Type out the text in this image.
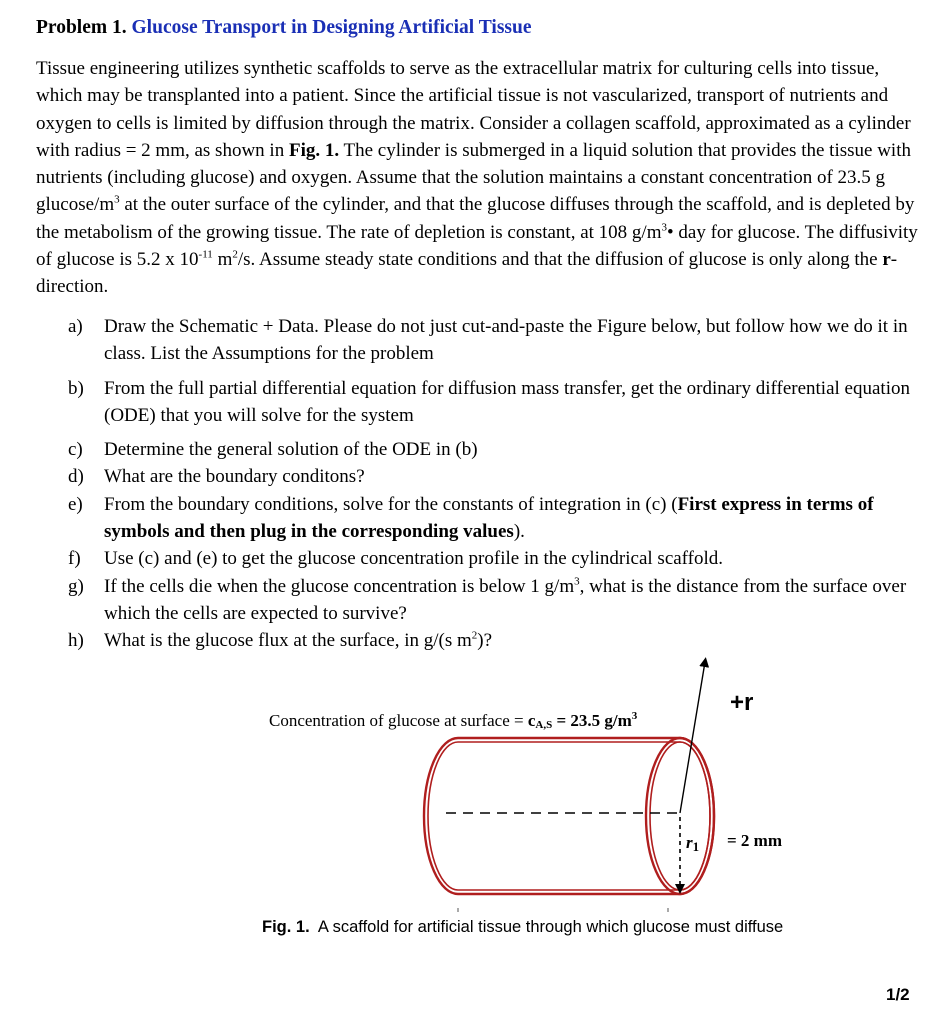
Problem 1. Glucose Transport in Designing Artificial Tissue

Tissue engineering utilizes synthetic scaffolds to serve as the extracellular matrix for culturing cells into tissue, which may be transplanted into a patient. Since the artificial tissue is not vascularized, transport of nutrients and oxygen to cells is limited by diffusion through the matrix. Consider a collagen scaffold, approximated as a cylinder with radius = 2 mm, as shown in Fig. 1. The cylinder is submerged in a liquid solution that provides the tissue with nutrients (including glucose) and oxygen. Assume that the solution maintains a constant concentration of 23.5 g glucose/$m^3$ at the outer surface of the cylinder, and that the glucose diffuses through the scaffold, and is depleted by the metabolism of the growing tissue. The rate of depletion is constant, at 108 $g/m^3•$ day for glucose. The diffusivity of glucose is 5.2 x $10^{-11}$ $m^2/s$. Assume steady state conditions and that the diffusion of glucose is only along the r-direction.

a)	Draw the Schematic + Data. Please do not just cut-and-paste the Figure below, but follow how we do it in class. List the Assumptions for the problem
b)	From the full partial differential equation for diffusion mass transfer, get the ordinary differential equation (ODE) that you will solve for the system
c)	Determine the general solution of the ODE in (b)
d)	What are the boundary conditons?
e)	From the boundary conditions, solve for the constants of integration in (c) (First express in terms of symbols and then plug in the corresponding values).
f)	Use (c) and (e) to get the glucose concentration profile in the cylindrical scaffold.
g)	If the cells die when the glucose concentration is below 1 $g/m^3$, what is the distance from the surface over which the cells are expected to survive?
h)	What is the glucose flux at the surface, in g/(s $m^2$)?
Concentration of glucose at surface = cA,S = 23.5 $g/m^3$	+r
r1 = 2 mm
Fig. 1.  A scaffold for artificial tissue through which glucose must diffuse
1/2
